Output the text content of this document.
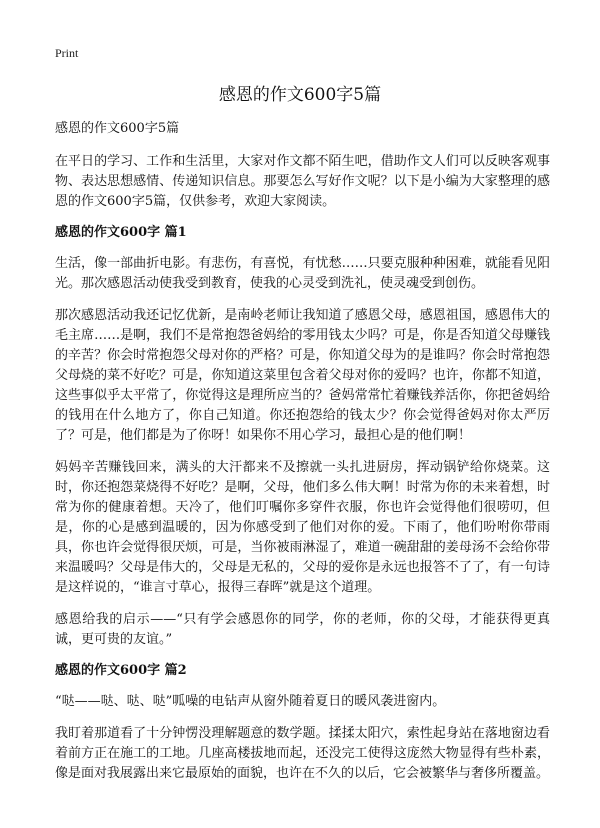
Print
感恩的作文600字5篇
感恩的作文600字5篇

在平日的学习、工作和生活里，大家对作文都不陌生吧，借助作文人们可以反映客观事物、表达思想感情、传递知识信息。那要怎么写好作文呢？以下是小编为大家整理的感恩的作文600字5篇，仅供参考，欢迎大家阅读。

感恩的作文600字 篇1

生活，像一部曲折电影。有悲伤，有喜悦，有忧愁……只要克服种种困难，就能看见阳光。那次感恩活动使我受到教育，使我的心灵受到洗礼，使灵魂受到创伤。

那次感恩活动我还记忆优新，是南岭老师让我知道了感恩父母，感恩祖国，感恩伟大的毛主席……是啊，我们不是常抱怨爸妈给的零用钱太少吗？可是，你是否知道父母赚钱的辛苦？你会时常抱怨父母对你的严格？可是，你知道父母为的是谁吗？你会时常抱怨父母烧的菜不好吃？可是，你知道这菜里包含着父母对你的爱吗？也许，你都不知道，这些事似乎太平常了，你觉得这是理所应当的？爸妈常常忙着赚钱养活你，你把爸妈给的钱用在什么地方了，你自己知道。你还抱怨给的钱太少？你会觉得爸妈对你太严厉了？可是，他们都是为了你呀！如果你不用心学习，最担心是的他们啊！

妈妈辛苦赚钱回来，满头的大汗都来不及擦就一头扎进厨房，挥动锅铲给你烧菜。这时，你还抱怨菜烧得不好吃？是啊，父母，他们多么伟大啊！时常为你的未来着想，时常为你的健康着想。天冷了，他们叮嘱你多穿件衣服，你也许会觉得他们很唠叨，但是，你的心是感到温暖的，因为你感受到了他们对你的爱。下雨了，他们吩咐你带雨具，你也许会觉得很厌烦，可是，当你被雨淋湿了，难道一碗甜甜的姜母汤不会给你带来温暖吗？父母是伟大的，父母是无私的，父母的爱你是永远也报答不了了，有一句诗是这样说的，“谁言寸草心，报得三春晖”就是这个道理。

感恩给我的启示——“只有学会感恩你的同学，你的老师，你的父母，才能获得更真诚，更可贵的友谊。”

感恩的作文600字 篇2

“哒——哒、哒、哒”呱噪的电钻声从窗外随着夏日的暖风袭进窗内。

我盯着那道看了十分钟愣没理解题意的数学题。揉揉太阳穴，索性起身站在落地窗边看着前方正在施工的工地。几座高楼拔地而起，还没完工使得这庞然大物显得有些朴素，像是面对我展露出来它最原始的面貌，也许在不久的以后，它会被繁华与奢侈所覆盖。
